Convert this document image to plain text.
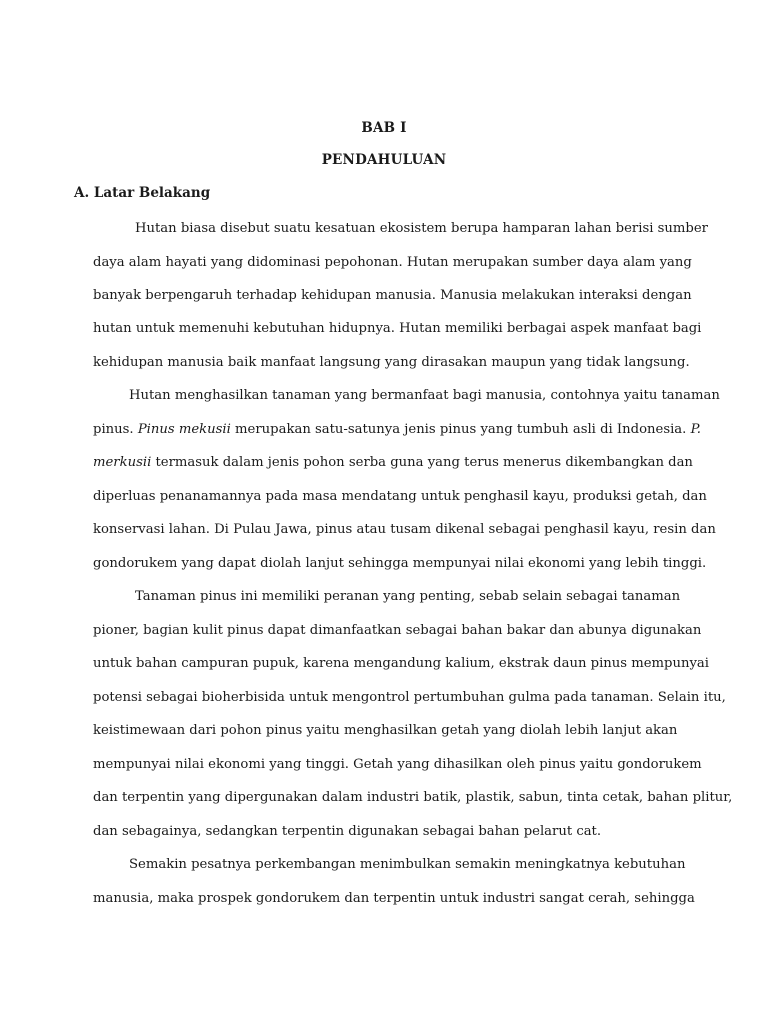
BAB I
PENDAHULUAN
A. Latar Belakang
Hutan biasa disebut suatu kesatuan ekosistem berupa hamparan lahan berisi sumber
daya alam hayati yang didominasi pepohonan. Hutan merupakan sumber daya alam yang
banyak berpengaruh terhadap kehidupan manusia. Manusia melakukan interaksi dengan
hutan untuk memenuhi kebutuhan hidupnya. Hutan memiliki berbagai aspek manfaat bagi
kehidupan manusia baik manfaat langsung yang dirasakan maupun yang tidak langsung.
Hutan menghasilkan tanaman yang bermanfaat bagi manusia, contohnya yaitu tanaman
pinus. Pinus mekusii merupakan satu-satunya jenis pinus yang tumbuh asli di Indonesia. P.
merkusii termasuk dalam jenis pohon serba guna yang terus menerus dikembangkan dan
diperluas penanamannya pada masa mendatang untuk penghasil kayu, produksi getah, dan
konservasi lahan. Di Pulau Jawa, pinus atau tusam dikenal sebagai penghasil kayu, resin dan
gondorukem yang dapat diolah lanjut sehingga mempunyai nilai ekonomi yang lebih tinggi.
Tanaman pinus ini memiliki peranan yang penting, sebab selain sebagai tanaman
pioner, bagian kulit pinus dapat dimanfaatkan sebagai bahan bakar dan abunya digunakan
untuk bahan campuran pupuk, karena mengandung kalium, ekstrak daun pinus mempunyai
potensi sebagai bioherbisida untuk mengontrol pertumbuhan gulma pada tanaman. Selain itu,
keistimewaan dari pohon pinus yaitu menghasilkan getah yang diolah lebih lanjut akan
mempunyai nilai ekonomi yang tinggi. Getah yang dihasilkan oleh pinus yaitu gondorukem
dan terpentin yang dipergunakan dalam industri batik, plastik, sabun, tinta cetak, bahan plitur,
dan sebagainya, sedangkan terpentin digunakan sebagai bahan pelarut cat.
Semakin pesatnya perkembangan menimbulkan semakin meningkatnya kebutuhan
manusia, maka prospek gondorukem dan terpentin untuk industri sangat cerah, sehingga
